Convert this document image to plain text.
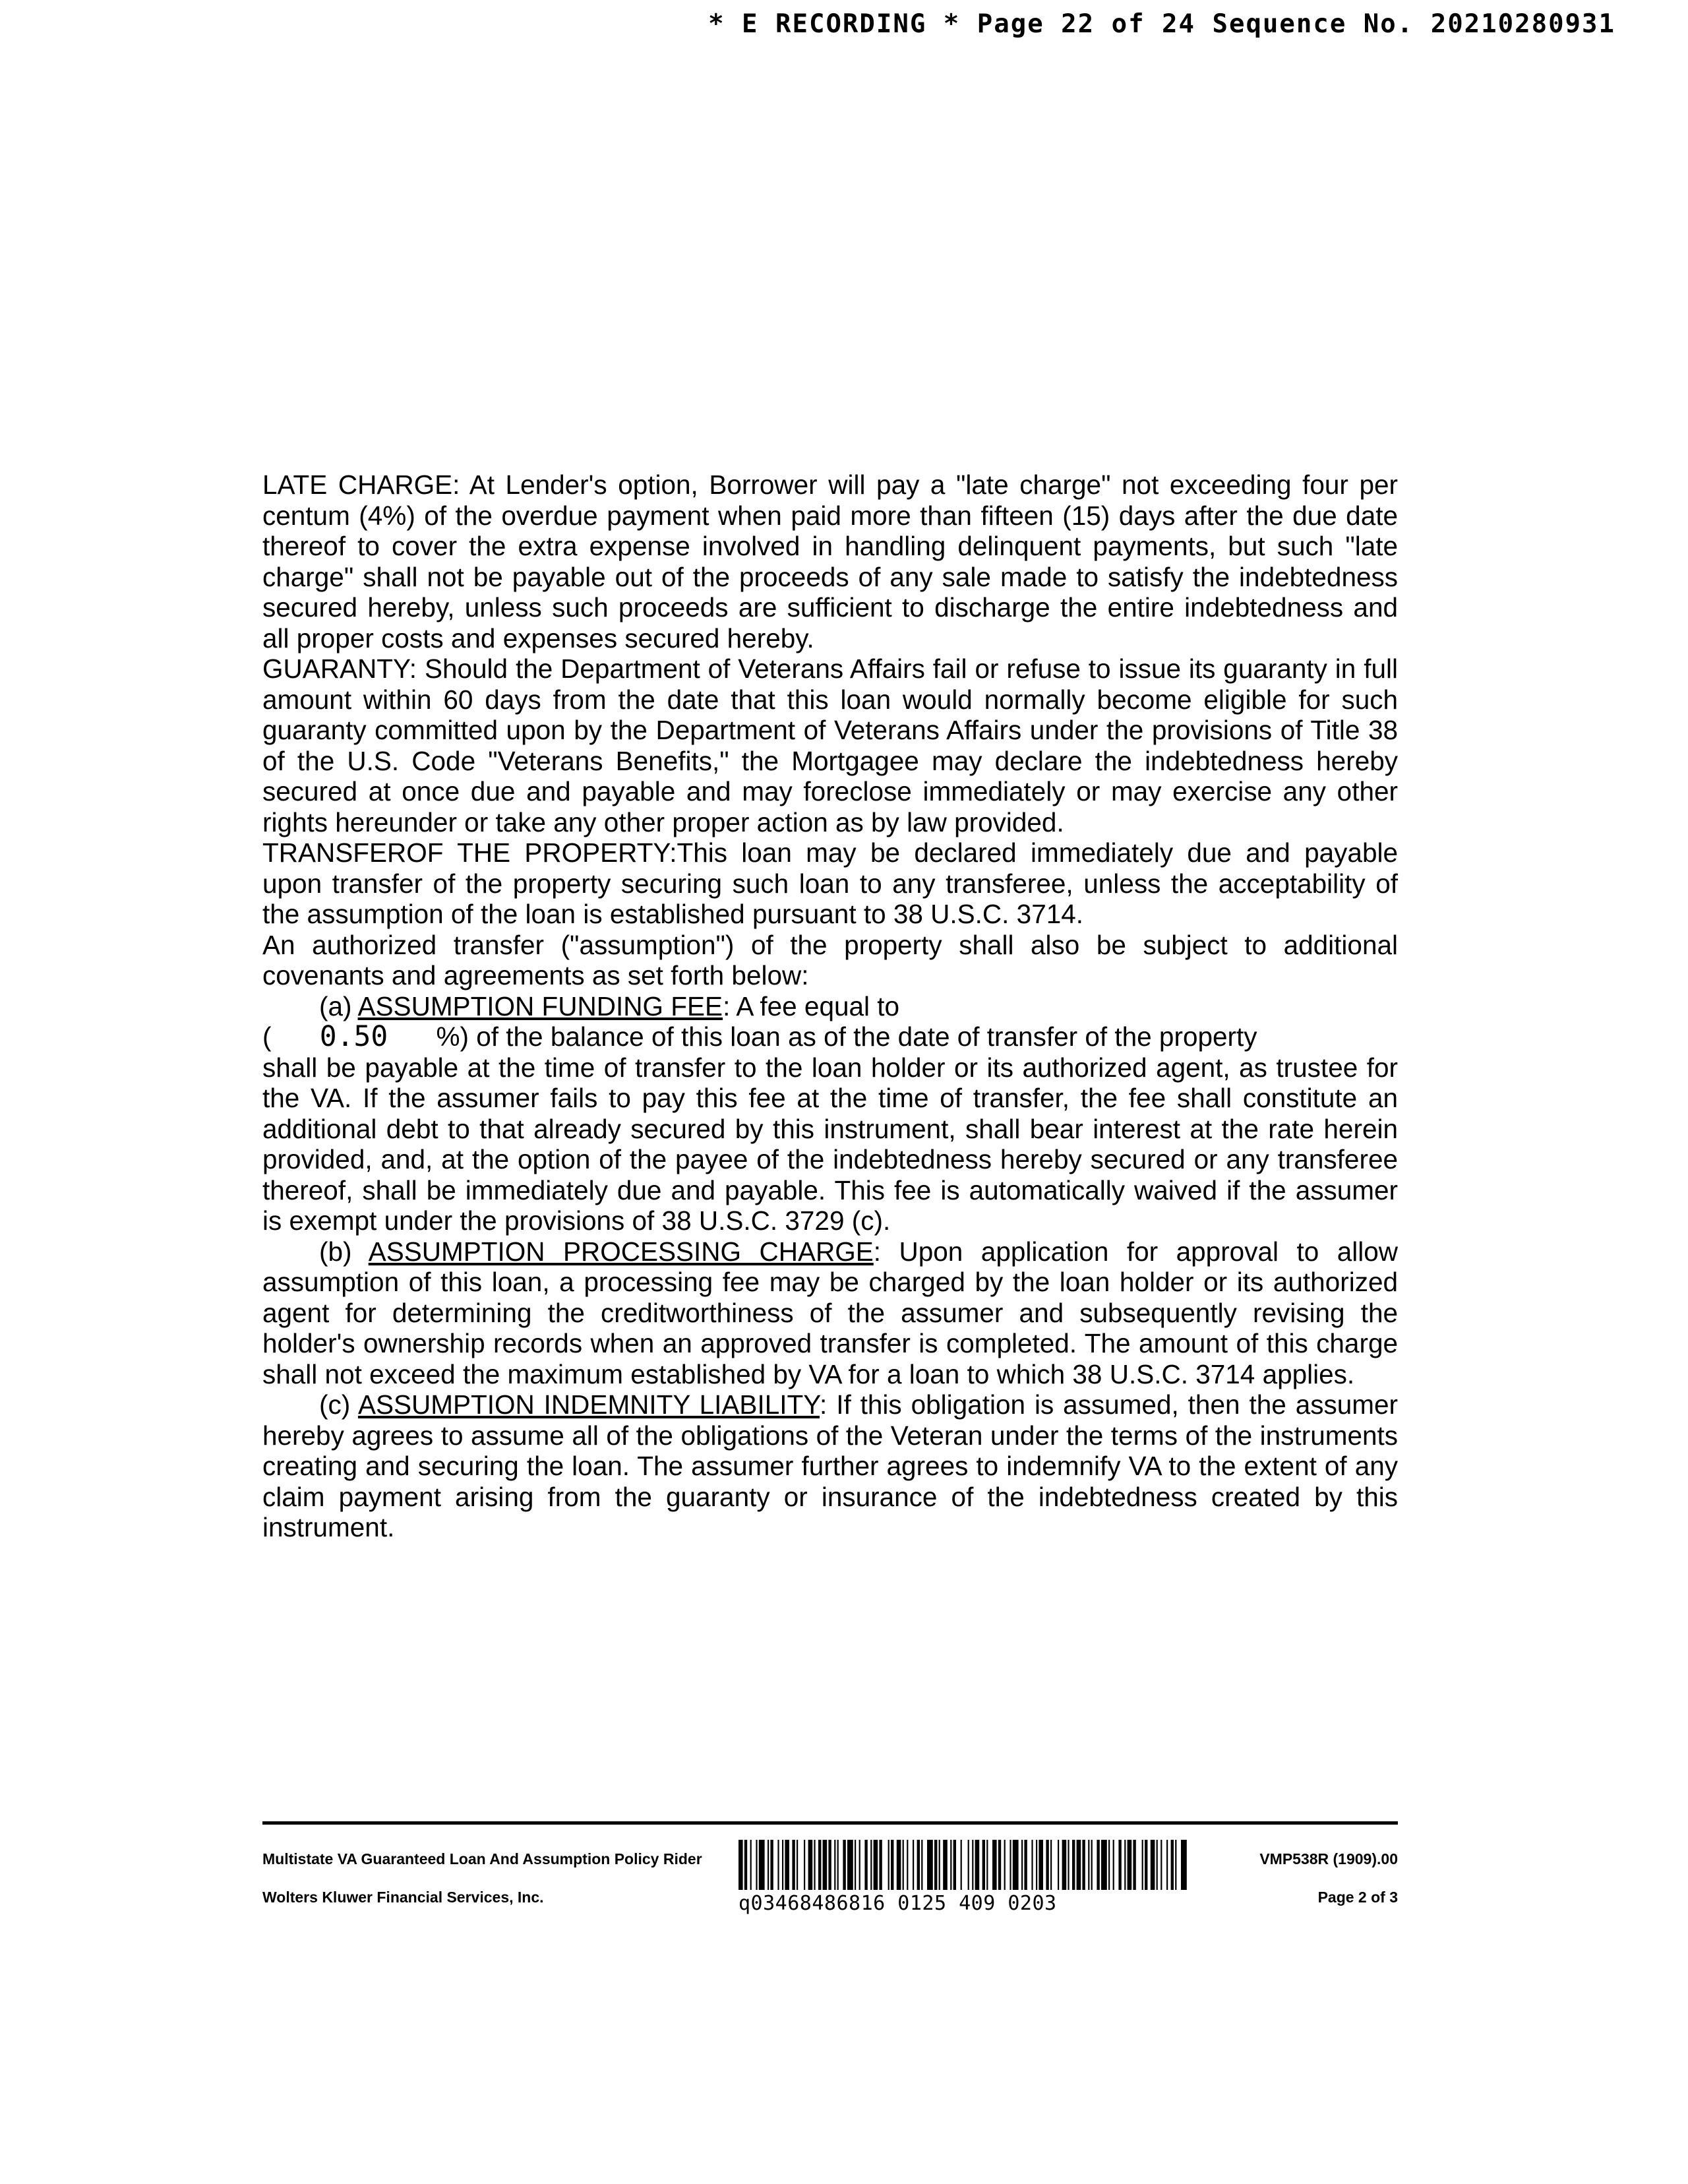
* E RECORDING * Page 22 of 24 Sequence No. 20210280931

LATE CHARGE: At Lender's option, Borrower will pay a "late charge" not exceeding four per centum (4%) of the overdue payment when paid more than fifteen (15) days after the due date thereof to cover the extra expense involved in handling delinquent payments, but such "late charge" shall not be payable out of the proceeds of any sale made to satisfy the indebtedness secured hereby, unless such proceeds are sufficient to discharge the entire indebtedness and all proper costs and expenses secured hereby.

GUARANTY: Should the Department of Veterans Affairs fail or refuse to issue its guaranty in full amount within 60 days from the date that this loan would normally become eligible for such guaranty committed upon by the Department of Veterans Affairs under the provisions of Title 38 of the U.S. Code "Veterans Benefits," the Mortgagee may declare the indebtedness hereby secured at once due and payable and may foreclose immediately or may exercise any other rights hereunder or take any other proper action as by law provided.

TRANSFEROF THE PROPERTY:This loan may be declared immediately due and payable upon transfer of the property securing such loan to any transferee, unless the acceptability of the assumption of the loan is established pursuant to 38 U.S.C. 3714.

An authorized transfer ("assumption") of the property shall also be subject to additional covenants and agreements as set forth below:

(a) ASSUMPTION FUNDING FEE: A fee equal to

( 0.50 %) of the balance of this loan as of the date of transfer of the property

shall be payable at the time of transfer to the loan holder or its authorized agent, as trustee for the VA. If the assumer fails to pay this fee at the time of transfer, the fee shall constitute an additional debt to that already secured by this instrument, shall bear interest at the rate herein provided, and, at the option of the payee of the indebtedness hereby secured or any transferee thereof, shall be immediately due and payable. This fee is automatically waived if the assumer is exempt under the provisions of 38 U.S.C. 3729 (c).

(b) ASSUMPTION PROCESSING CHARGE: Upon application for approval to allow assumption of this loan, a processing fee may be charged by the loan holder or its authorized agent for determining the creditworthiness of the assumer and subsequently revising the holder's ownership records when an approved transfer is completed. The amount of this charge shall not exceed the maximum established by VA for a loan to which 38 U.S.C. 3714 applies.

(c) ASSUMPTION INDEMNITY LIABILITY: If this obligation is assumed, then the assumer hereby agrees to assume all of the obligations of the Veteran under the terms of the instruments creating and securing the loan. The assumer further agrees to indemnify VA to the extent of any claim payment arising from the guaranty or insurance of the indebtedness created by this instrument.

Multistate VA Guaranteed Loan And Assumption Policy Rider
Wolters Kluwer Financial Services, Inc.	q03468486816 0125 409 0203
VMP538R (1909).00
Page 2 of 3
